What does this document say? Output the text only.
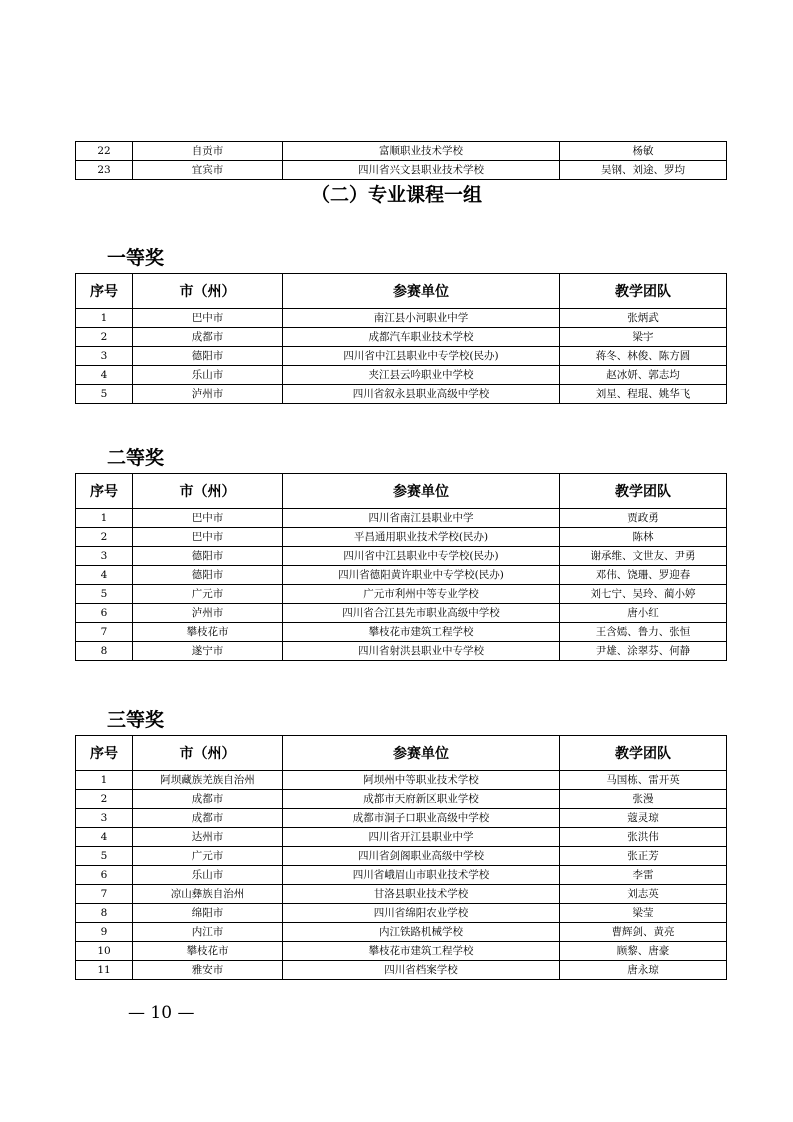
22	自贡市	富顺职业技术学校	杨敏
23	宜宾市	四川省兴文县职业技术学校	吴钢、刘途、罗均
（二）专业课程一组
一等奖
序号	市（州）	参赛单位	教学团队
1	巴中市	南江县小河职业中学	张炳武
2	成都市	成都汽车职业技术学校	梁宇
3	德阳市	四川省中江县职业中专学校(民办)	蒋冬、林俊、陈方圆
4	乐山市	夹江县云吟职业中学校	赵冰妍、郭志均
5	泸州市	四川省叙永县职业高级中学校	刘星、程琨、姚华飞
二等奖
序号	市（州）	参赛单位	教学团队
1	巴中市	四川省南江县职业中学	贾政勇
2	巴中市	平昌通用职业技术学校(民办)	陈林
3	德阳市	四川省中江县职业中专学校(民办)	谢承维、文世友、尹勇
4	德阳市	四川省德阳黄许职业中专学校(民办)	邓伟、饶珊、罗迎春
5	广元市	广元市利州中等专业学校	刘七宁、吴玲、蔺小婷
6	泸州市	四川省合江县先市职业高级中学校	唐小红
7	攀枝花市	攀枝花市建筑工程学校	王含嫣、鲁力、张恒
8	遂宁市	四川省射洪县职业中专学校	尹雄、涂翠芬、何静
三等奖
序号	市（州）	参赛单位	教学团队
1	阿坝藏族羌族自治州	阿坝州中等职业技术学校	马国栋、雷开英
2	成都市	成都市天府新区职业学校	张漫
3	成都市	成都市洞子口职业高级中学校	蔻灵琼
4	达州市	四川省开江县职业中学	张洪伟
5	广元市	四川省剑阁职业高级中学校	张正芳
6	乐山市	四川省峨眉山市职业技术学校	李雷
7	凉山彝族自治州	甘洛县职业技术学校	刘志英
8	绵阳市	四川省绵阳农业学校	梁莹
9	内江市	内江铁路机械学校	曹辉剑、黄亮
10	攀枝花市	攀枝花市建筑工程学校	顾黎、唐豪
11	雅安市	四川省档案学校	唐永琼
— 10 —
